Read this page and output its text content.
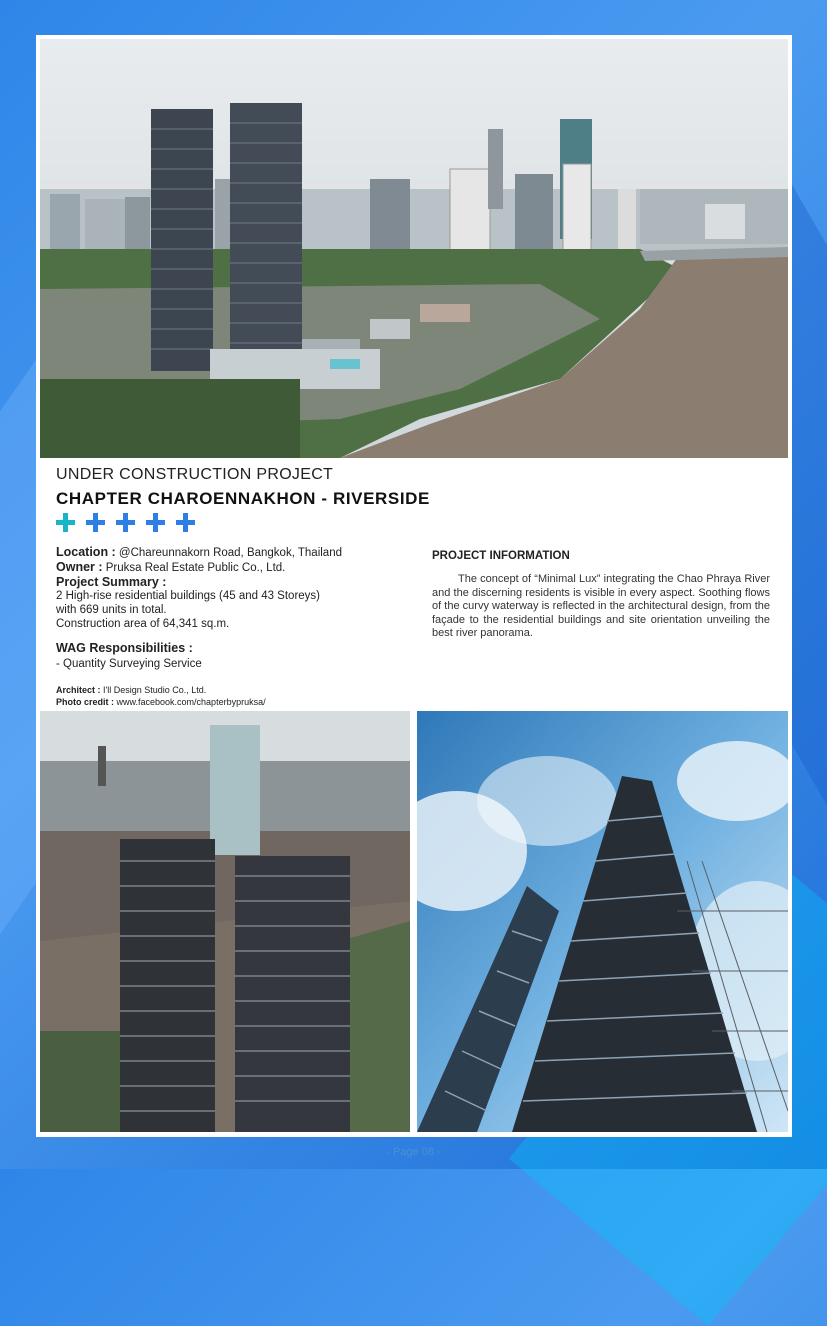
UNDER CONSTRUCTION PROJECT
CHAPTER CHAROENNAKHON - RIVERSIDE
Location : @Chareunnakorn Road, Bangkok, Thailand
Owner : Pruksa Real Estate Public Co., Ltd.
Project Summary :
2 High-rise residential buildings (45 and 43 Storeys)
with 669 units in total.
Construction area of 64,341 sq.m.
WAG Responsibilities :
- Quantity Surveying Service
Architect : I'll Design Studio Co., Ltd.
Photo credit : www.facebook.com/chapterbypruksa/
PROJECT INFORMATION
The concept of “Minimal Lux” integrating the Chao Phraya River and the discerning residents is visible in every aspect. Soothing flows of the curvy waterway is reflected in the architectural design, from the façade to the residential buildings and site orientation unveiling the best river panorama.
- Page 08 -
